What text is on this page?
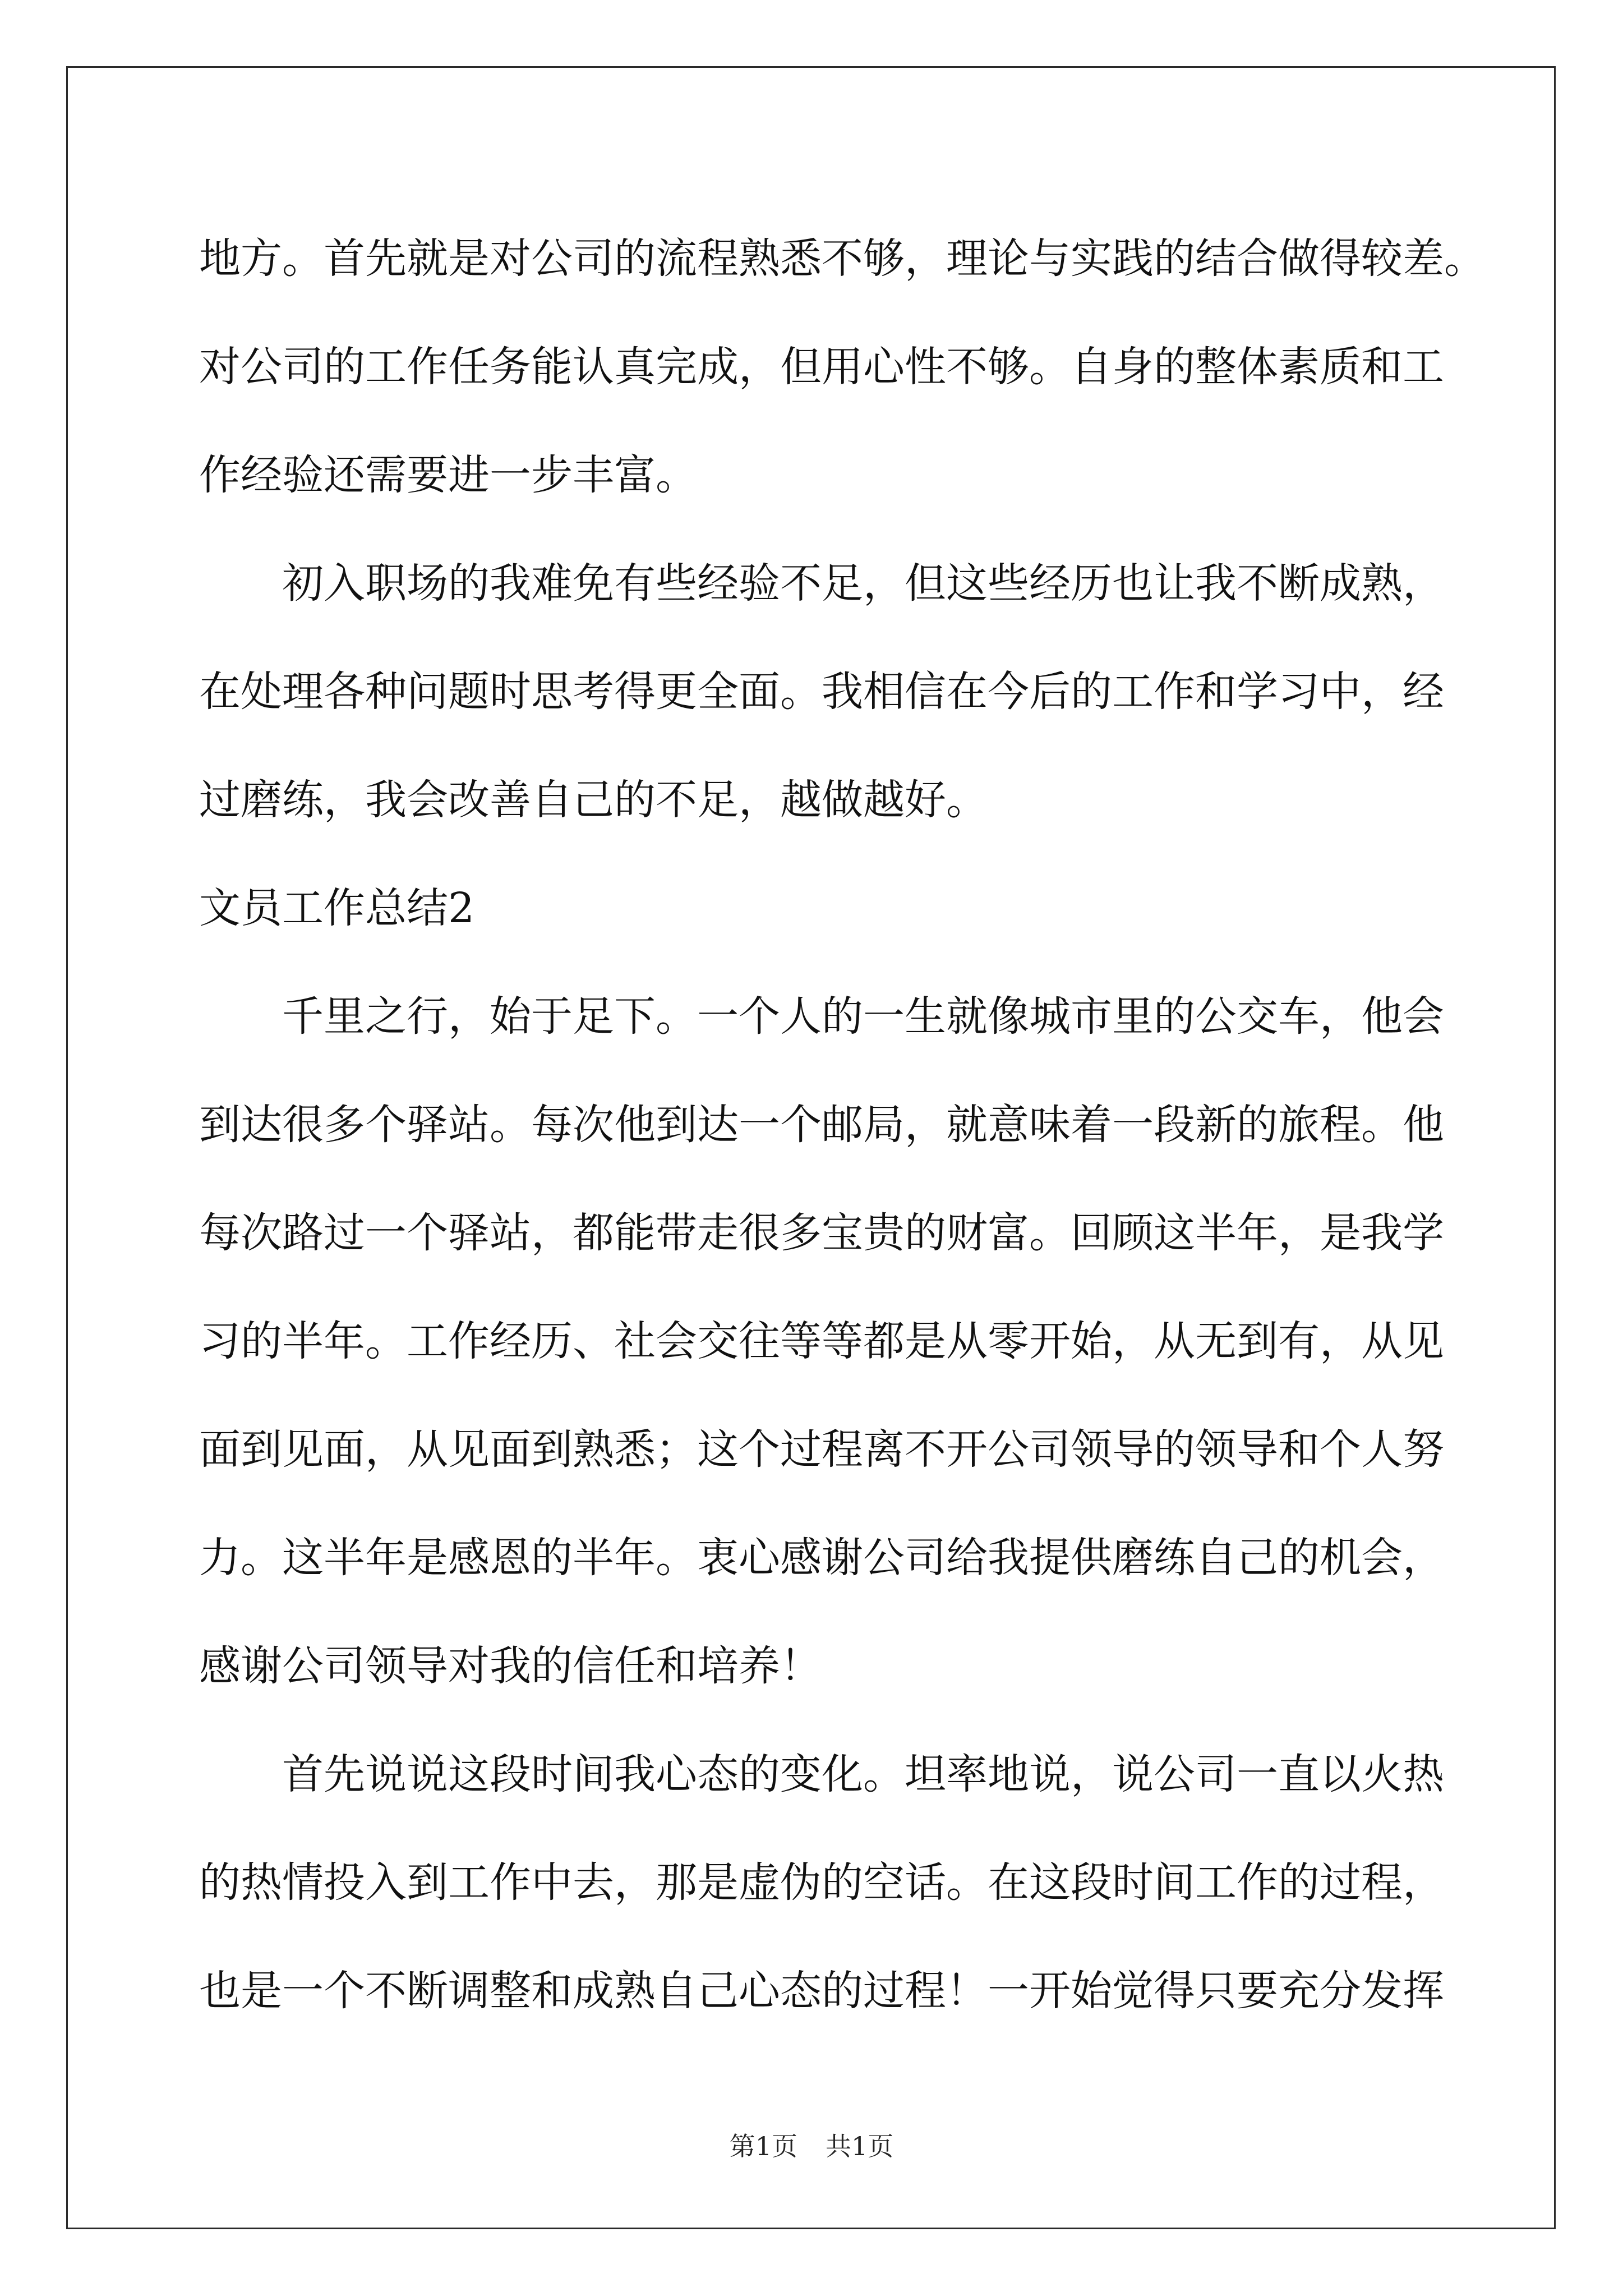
地方。首先就是对公司的流程熟悉不够，理论与实践的结合做得较差。
对公司的工作任务能认真完成，但用心性不够。自身的整体素质和工
作经验还需要进一步丰富。
初入职场的我难免有些经验不足，但这些经历也让我不断成熟，
在处理各种问题时思考得更全面。我相信在今后的工作和学习中，经
过磨练，我会改善自己的不足，越做越好。
文员工作总结2
千里之行，始于足下。一个人的一生就像城市里的公交车，他会
到达很多个驿站。每次他到达一个邮局，就意味着一段新的旅程。他
每次路过一个驿站，都能带走很多宝贵的财富。回顾这半年，是我学
习的半年。工作经历、社会交往等等都是从零开始，从无到有，从见
面到见面，从见面到熟悉；这个过程离不开公司领导的领导和个人努
力。这半年是感恩的半年。衷心感谢公司给我提供磨练自己的机会，
感谢公司领导对我的信任和培养！
首先说说这段时间我心态的变化。坦率地说，说公司一直以火热
的热情投入到工作中去，那是虚伪的空话。在这段时间工作的过程，
也是一个不断调整和成熟自己心态的过程！一开始觉得只要充分发挥
第1页 共1页
